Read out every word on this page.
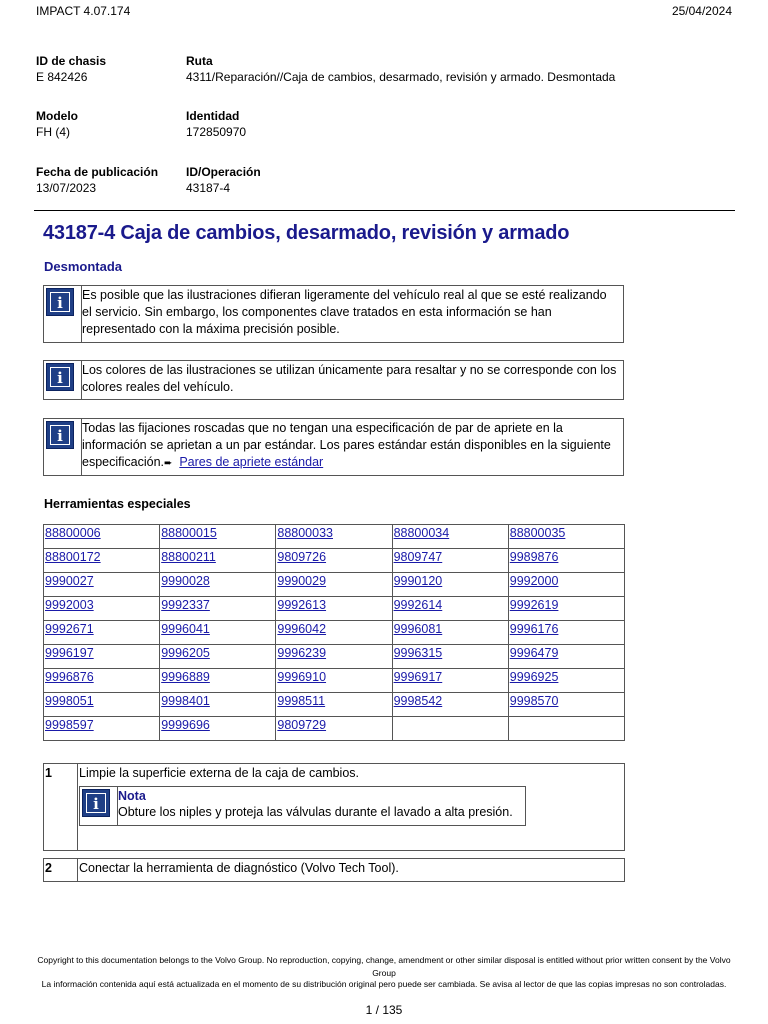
IMPACT 4.07.174	25/04/2024
ID de chasis
E 842426
Ruta
4311/Reparación//Caja de cambios, desarmado, revisión y armado. Desmontada
Modelo
FH (4)
Identidad
172850970
Fecha de publicación
13/07/2023
ID/Operación
43187-4
43187-4 Caja de cambios, desarmado, revisión y armado
Desmontada
i	Es posible que las ilustraciones difieran ligeramente del vehículo real al que se esté realizando el servicio. Sin embargo, los componentes clave tratados en esta información se han representado con la máxima precisión posible.
i	Los colores de las ilustraciones se utilizan únicamente para resaltar y no se corresponde con los colores reales del vehículo.
i	Todas las fijaciones roscadas que no tengan una especificación de par de apriete en la información se aprietan a un par estándar. Los pares estándar están disponibles en la siguiente especificación.➨ Pares de apriete estándar
Herramientas especiales
88800006	88800015	88800033	88800034	88800035
88800172	88800211	9809726	9809747	9989876
9990027	9990028	9990029	9990120	9992000
9992003	9992337	9992613	9992614	9992619
9992671	9996041	9996042	9996081	9996176
9996197	9996205	9996239	9996315	9996479
9996876	9996889	9996910	9996917	9996925
9998051	9998401	9998511	9998542	9998570
9998597	9999696	9809729		
1	Limpie la superficie externa de la caja de cambios.
i	Nota
Obture los niples y proteja las válvulas durante el lavado a alta presión.
2	Conectar la herramienta de diagnóstico (Volvo Tech Tool).
Copyright to this documentation belongs to the Volvo Group. No reproduction, copying, change, amendment or other similar disposal is entitled without prior written consent by the Volvo Group
La información contenida aquí está actualizada en el momento de su distribución original pero puede ser cambiada. Se avisa al lector de que las copias impresas no son controladas.
1 / 135
